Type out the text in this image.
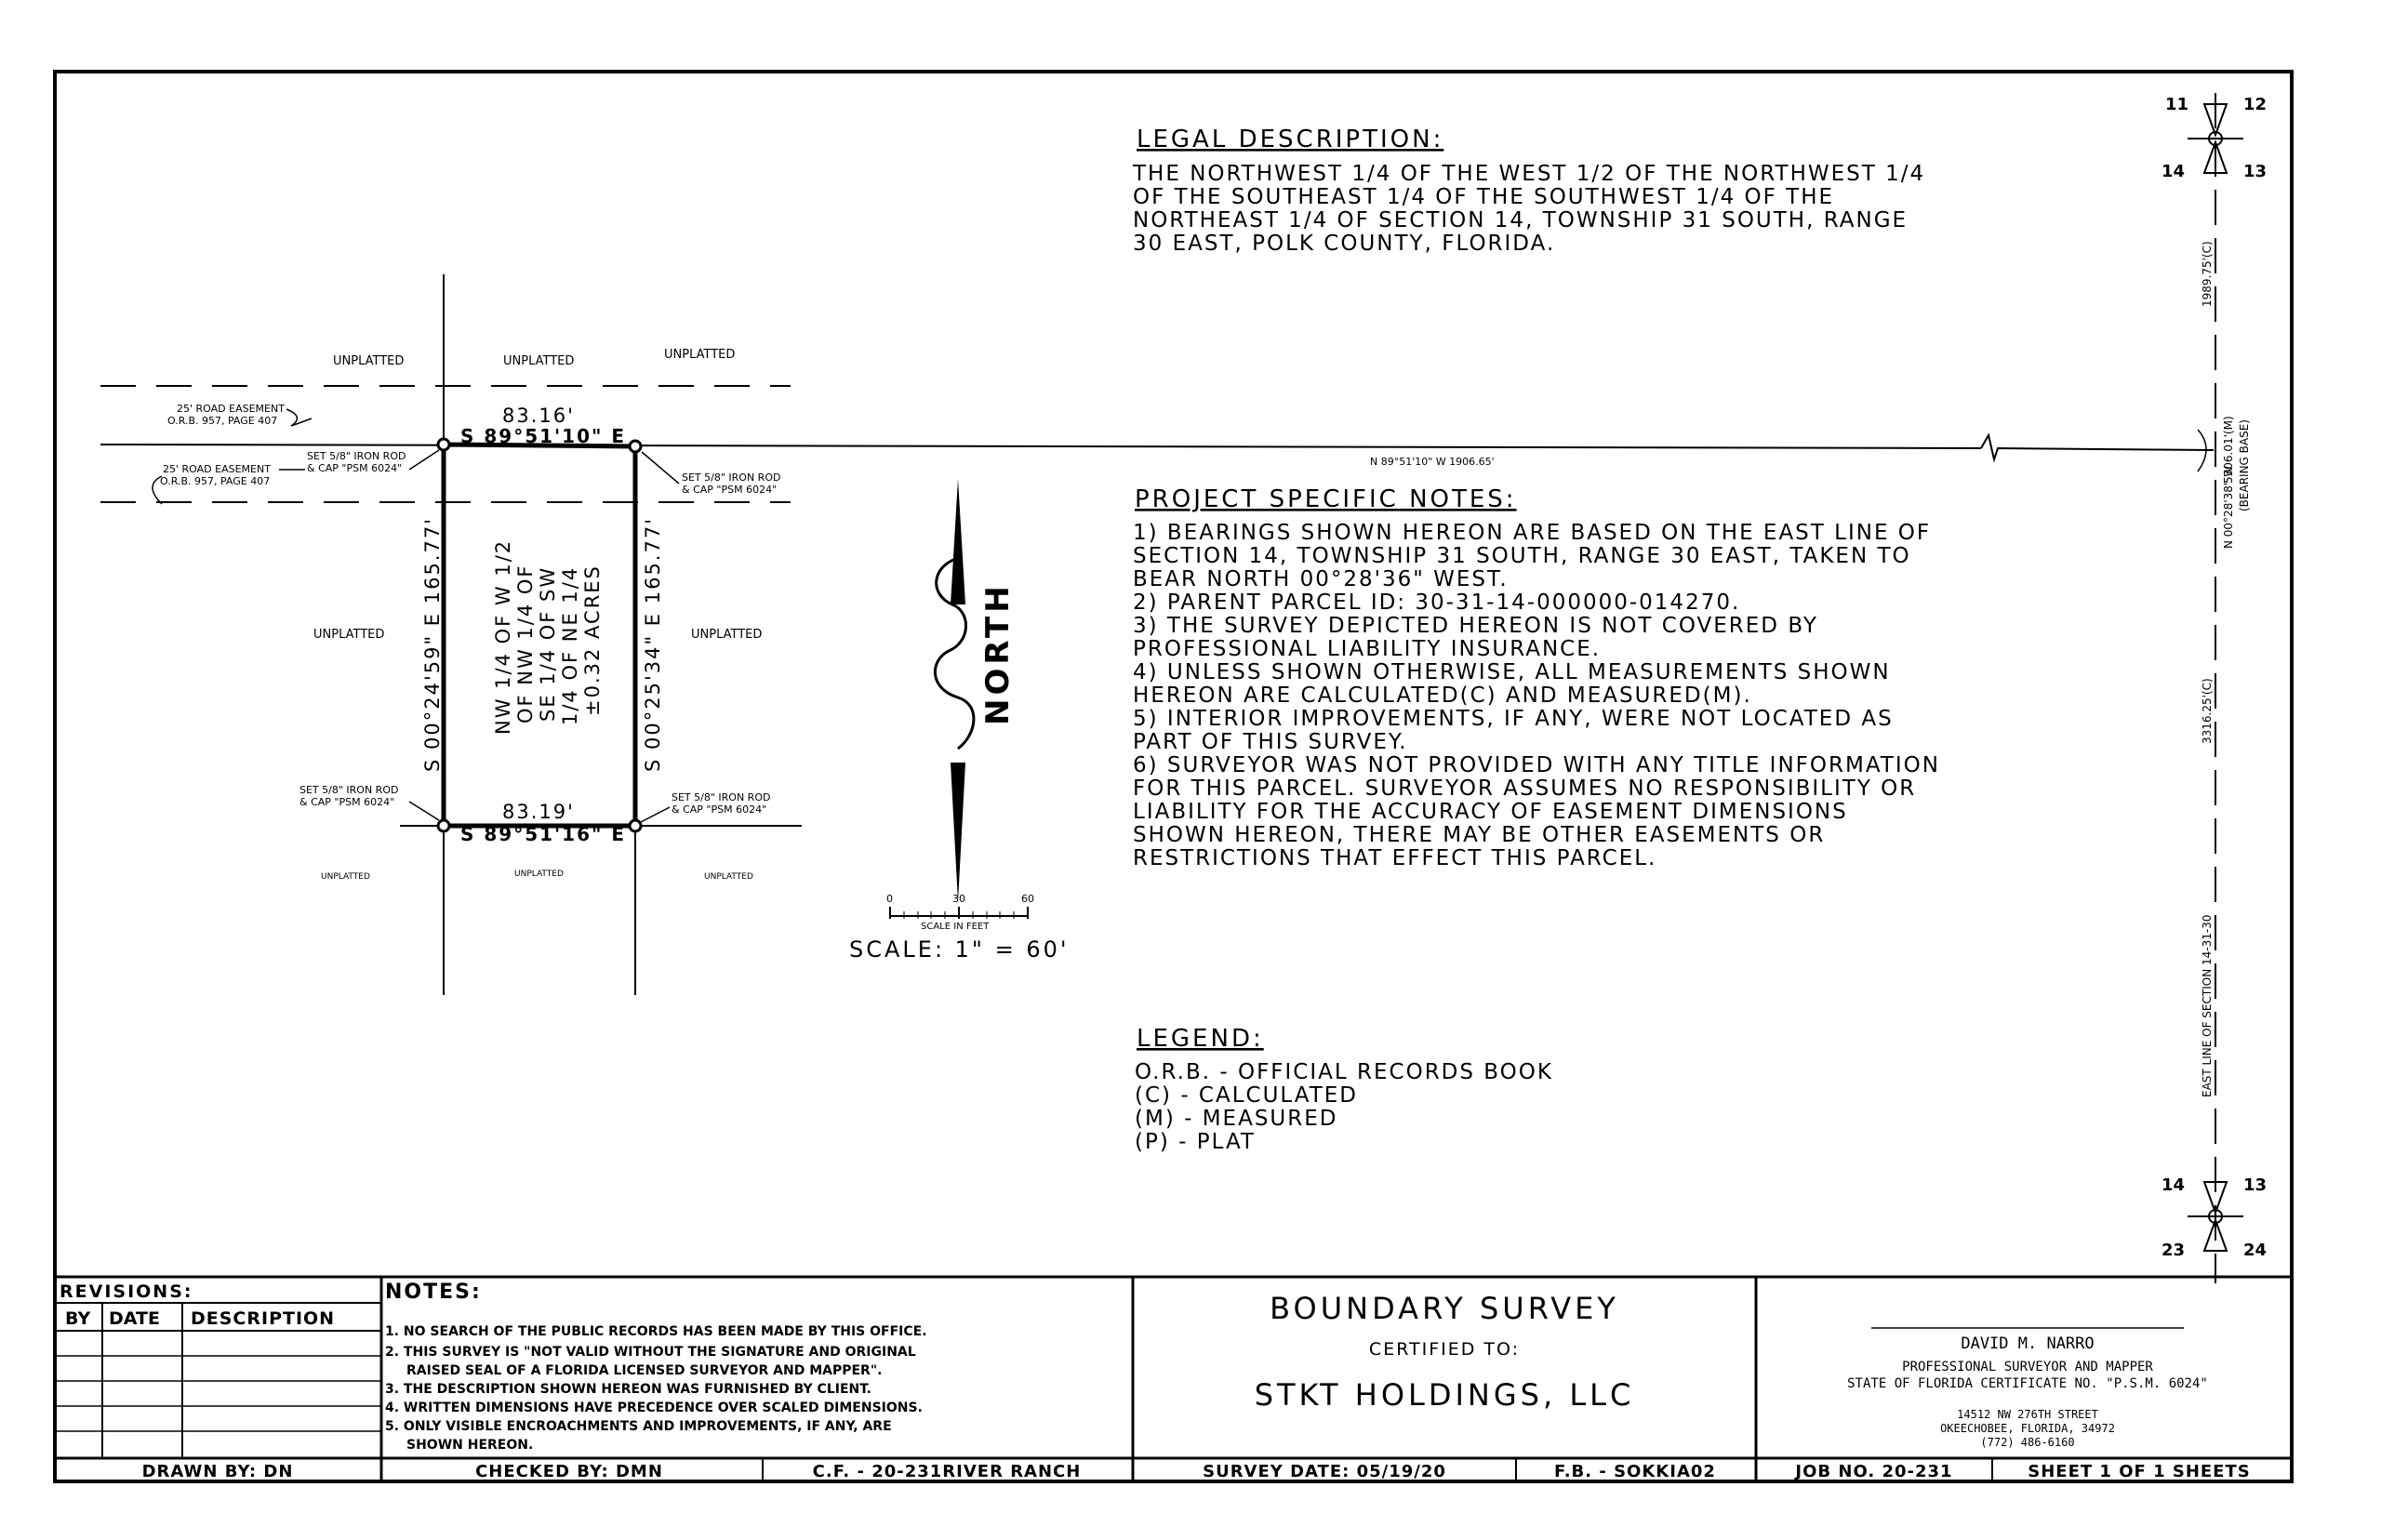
LEGAL DESCRIPTION:
THE NORTHWEST 1/4 OF THE WEST 1/2 OF THE NORTHWEST 1/4
OF THE SOUTHEAST 1/4 OF THE SOUTHWEST 1/4 OF THE
NORTHEAST 1/4 OF SECTION 14, TOWNSHIP 31 SOUTH, RANGE
30 EAST, POLK COUNTY, FLORIDA.
PROJECT SPECIFIC NOTES:
1) BEARINGS SHOWN HEREON ARE BASED ON THE EAST LINE OF
SECTION 14, TOWNSHIP 31 SOUTH, RANGE 30 EAST, TAKEN TO
BEAR NORTH 00°28'36" WEST.
2) PARENT PARCEL ID: 30-31-14-000000-014270.
3) THE SURVEY DEPICTED HEREON IS NOT COVERED BY
PROFESSIONAL LIABILITY INSURANCE.
4) UNLESS SHOWN OTHERWISE, ALL MEASUREMENTS SHOWN
HEREON ARE CALCULATED(C) AND MEASURED(M).
5) INTERIOR IMPROVEMENTS, IF ANY, WERE NOT LOCATED AS
PART OF THIS SURVEY.
6) SURVEYOR WAS NOT PROVIDED WITH ANY TITLE INFORMATION
FOR THIS PARCEL. SURVEYOR ASSUMES NO RESPONSIBILITY OR
LIABILITY FOR THE ACCURACY OF EASEMENT DIMENSIONS
SHOWN HEREON, THERE MAY BE OTHER EASEMENTS OR
RESTRICTIONS THAT EFFECT THIS PARCEL.
LEGEND:
O.R.B. - OFFICIAL RECORDS BOOK
(C) - CALCULATED
(M) - MEASURED
(P) - PLAT
UNPLATTED	UNPLATTED	UNPLATTED
UNPLATTED	UNPLATTED
UNPLATTED	UNPLATTED	UNPLATTED
25' ROAD EASEMENT
O.R.B. 957, PAGE 407
25' ROAD EASEMENT
O.R.B. 957, PAGE 407
SET 5/8" IRON ROD
& CAP "PSM 6024"
SET 5/8" IRON ROD
& CAP "PSM 6024"
SET 5/8" IRON ROD
& CAP "PSM 6024"	SET 5/8" IRON ROD
& CAP "PSM 6024"
83.16'
S 89°51'10" E
83.19'
S 89°51'16" E
S 00°24'59" E 165.77'	S 00°25'34" E 165.77'
NW 1/4 OF W 1/2 OF NW 1/4 OF SE 1/4 OF SW 1/4 OF NE 1/4 ±0.32 ACRES
N 89°51'10" W 1906.65'
NORTH
0	30	60
SCALE IN FEET
SCALE: 1" = 60'
1989.75'(C)
5306.01'(M)
N 00°28'38" W (BEARING BASE)
3316.25'(C)
EAST LINE OF SECTION 14-31-30
11	12
14	13
14	13
23	24
REVISIONS:
BY DATE DESCRIPTION
NOTES:
1. NO SEARCH OF THE PUBLIC RECORDS HAS BEEN MADE BY THIS OFFICE.
2. THIS SURVEY IS "NOT VALID WITHOUT THE SIGNATURE AND ORIGINAL
RAISED SEAL OF A FLORIDA LICENSED SURVEYOR AND MAPPER".
3. THE DESCRIPTION SHOWN HEREON WAS FURNISHED BY CLIENT.
4. WRITTEN DIMENSIONS HAVE PRECEDENCE OVER SCALED DIMENSIONS.
5. ONLY VISIBLE ENCROACHMENTS AND IMPROVEMENTS, IF ANY, ARE
SHOWN HEREON.
BOUNDARY SURVEY
CERTIFIED TO:
STKT HOLDINGS, LLC
DAVID M. NARRO
PROFESSIONAL SURVEYOR AND MAPPER
STATE OF FLORIDA CERTIFICATE NO. "P.S.M. 6024"
14512 NW 276TH STREET
OKEECHOBEE, FLORIDA, 34972
(772) 486-6160
DRAWN BY: DN	CHECKED BY: DMN	C.F. - 20-231RIVER RANCH	SURVEY DATE: 05/19/20	F.B. - SOKKIA02	JOB NO. 20-231	SHEET 1 OF 1 SHEETS
